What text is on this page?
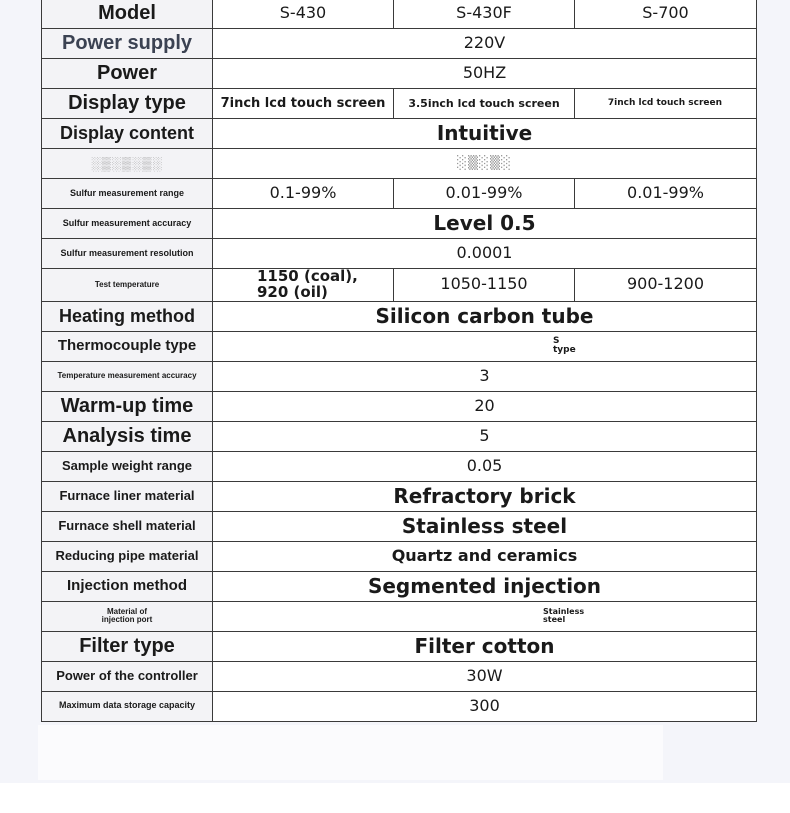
Model	S-430	S-430F	S-700
Power supply	220V		
Power	50HZ		
Display type	7inch lcd touch screen	3.5inch lcd touch screen	7inch lcd touch screen
Display content	Intuitive		
░▒░▒░▒░	░▒░▒░		
Sulfur measurement range	0.1-99%	0.01-99%	0.01-99%
Sulfur measurement accuracy	Level 0.5		
Sulfur measurement resolution	0.0001		
Test temperature	1150 (coal), 920 (oil)	1050-1150	900-1200
Heating method	Silicon carbon tube		
Thermocouple type	S type		
Temperature measurement accuracy	3		
Warm-up time	20		
Analysis time	5		
Sample weight range	0.05		
Furnace liner material	Refractory brick		
Furnace shell material	Stainless steel		
Reducing pipe material	Quartz and ceramics		
Injection method	Segmented injection		
Material of injection port	Stainless steel		
Filter type	Filter cotton		
Power of the controller	30W		
Maximum data storage capacity	300		
